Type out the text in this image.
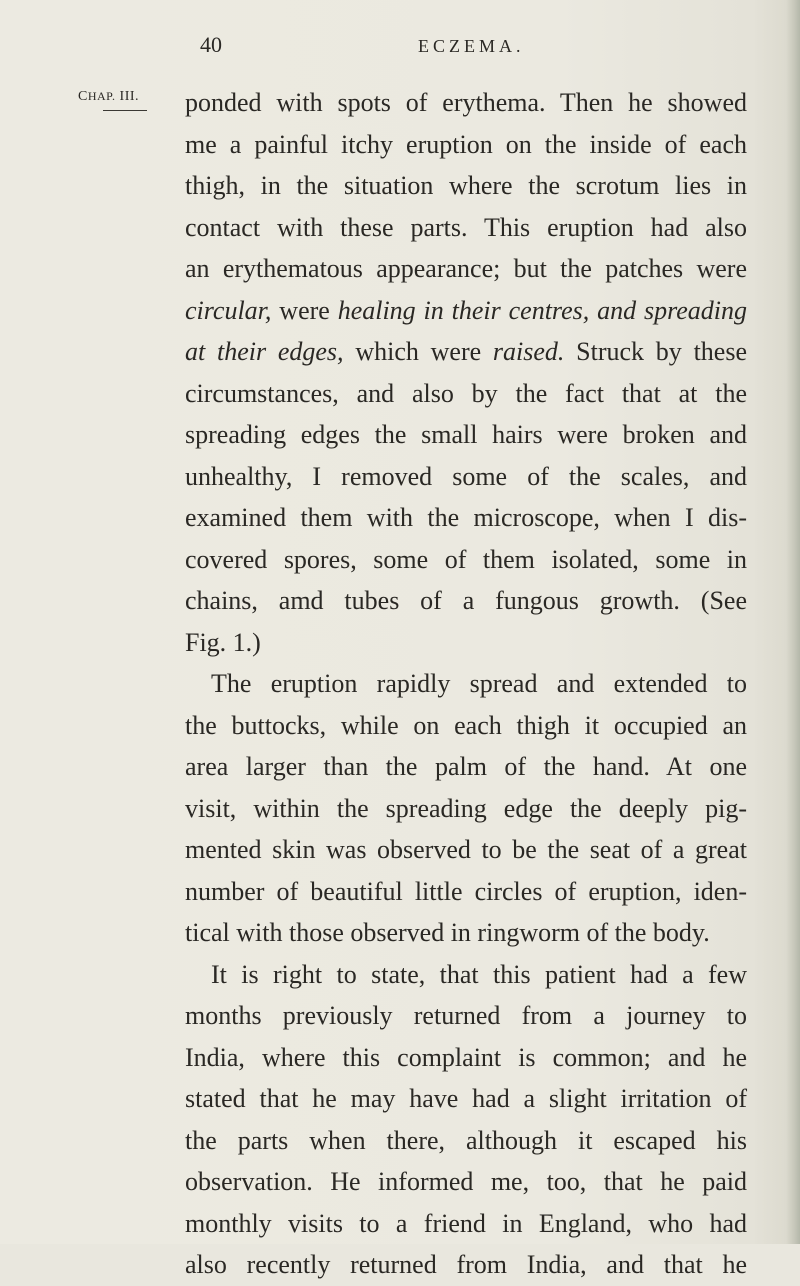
40	ECZEMA.
CHAP. III. ponded with spots of erythema. Then he showed
me a painful itchy eruption on the inside of each
thigh, in the situation where the scrotum lies in
contact with these parts. This eruption had also
an erythematous appearance; but the patches were
circular, were healing in their centres, and spreading
at their edges, which were raised. Struck by these
circumstances, and also by the fact that at the
spreading edges the small hairs were broken and
unhealthy, I removed some of the scales, and
examined them with the microscope, when I dis-
covered spores, some of them isolated, some in
chains, amd tubes of a fungous growth. (See
Fig. 1.)
The eruption rapidly spread and extended to
the buttocks, while on each thigh it occupied an
area larger than the palm of the hand. At one
visit, within the spreading edge the deeply pig-
mented skin was observed to be the seat of a great
number of beautiful little circles of eruption, iden-
tical with those observed in ringworm of the body.
It is right to state, that this patient had a few
months previously returned from a journey to
India, where this complaint is common; and he
stated that he may have had a slight irritation of
the parts when there, although it escaped his
observation. He informed me, too, that he paid
monthly visits to a friend in England, who had
also recently returned from India, and that he
